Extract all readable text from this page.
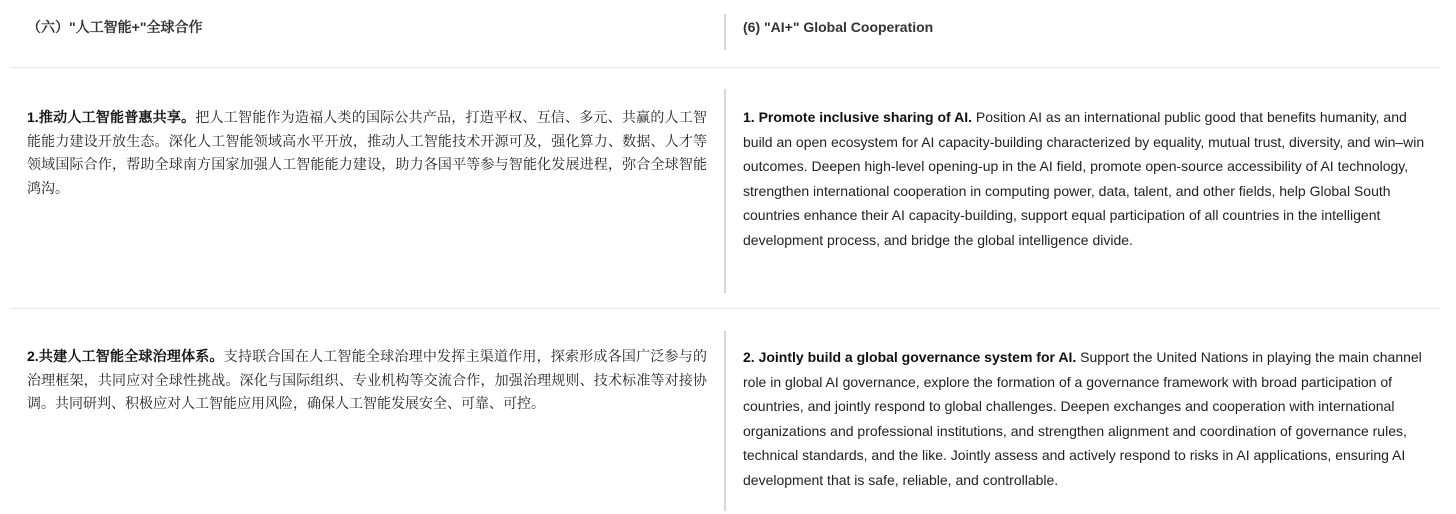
（六）"人工智能+"全球合作	(6) "AI+" Global Cooperation
1.推动人工智能普惠共享。把人工智能作为造福人类的国际公共产品，打造平权、互信、多元、共赢的人工智能能力建设开放生态。深化人工智能领域高水平开放，推动人工智能技术开源可及，强化算力、数据、人才等领域国际合作，帮助全球南方国家加强人工智能能力建设，助力各国平等参与智能化发展进程，弥合全球智能鸿沟。
1. Promote inclusive sharing of AI. Position AI as an international public good that benefits humanity, and build an open ecosystem for AI capacity-building characterized by equality, mutual trust, diversity, and win–win outcomes. Deepen high-level opening-up in the AI field, promote open-source accessibility of AI technology, strengthen international cooperation in computing power, data, talent, and other fields, help Global South countries enhance their AI capacity-building, support equal participation of all countries in the intelligent development process, and bridge the global intelligence divide.
2.共建人工智能全球治理体系。支持联合国在人工智能全球治理中发挥主渠道作用，探索形成各国广泛参与的治理框架，共同应对全球性挑战。深化与国际组织、专业机构等交流合作，加强治理规则、技术标准等对接协调。共同研判、积极应对人工智能应用风险，确保人工智能发展安全、可靠、可控。
2. Jointly build a global governance system for AI. Support the United Nations in playing the main channel role in global AI governance, explore the formation of a governance framework with broad participation of countries, and jointly respond to global challenges. Deepen exchanges and cooperation with international organizations and professional institutions, and strengthen alignment and coordination of governance rules, technical standards, and the like. Jointly assess and actively respond to risks in AI applications, ensuring AI development that is safe, reliable, and controllable.
